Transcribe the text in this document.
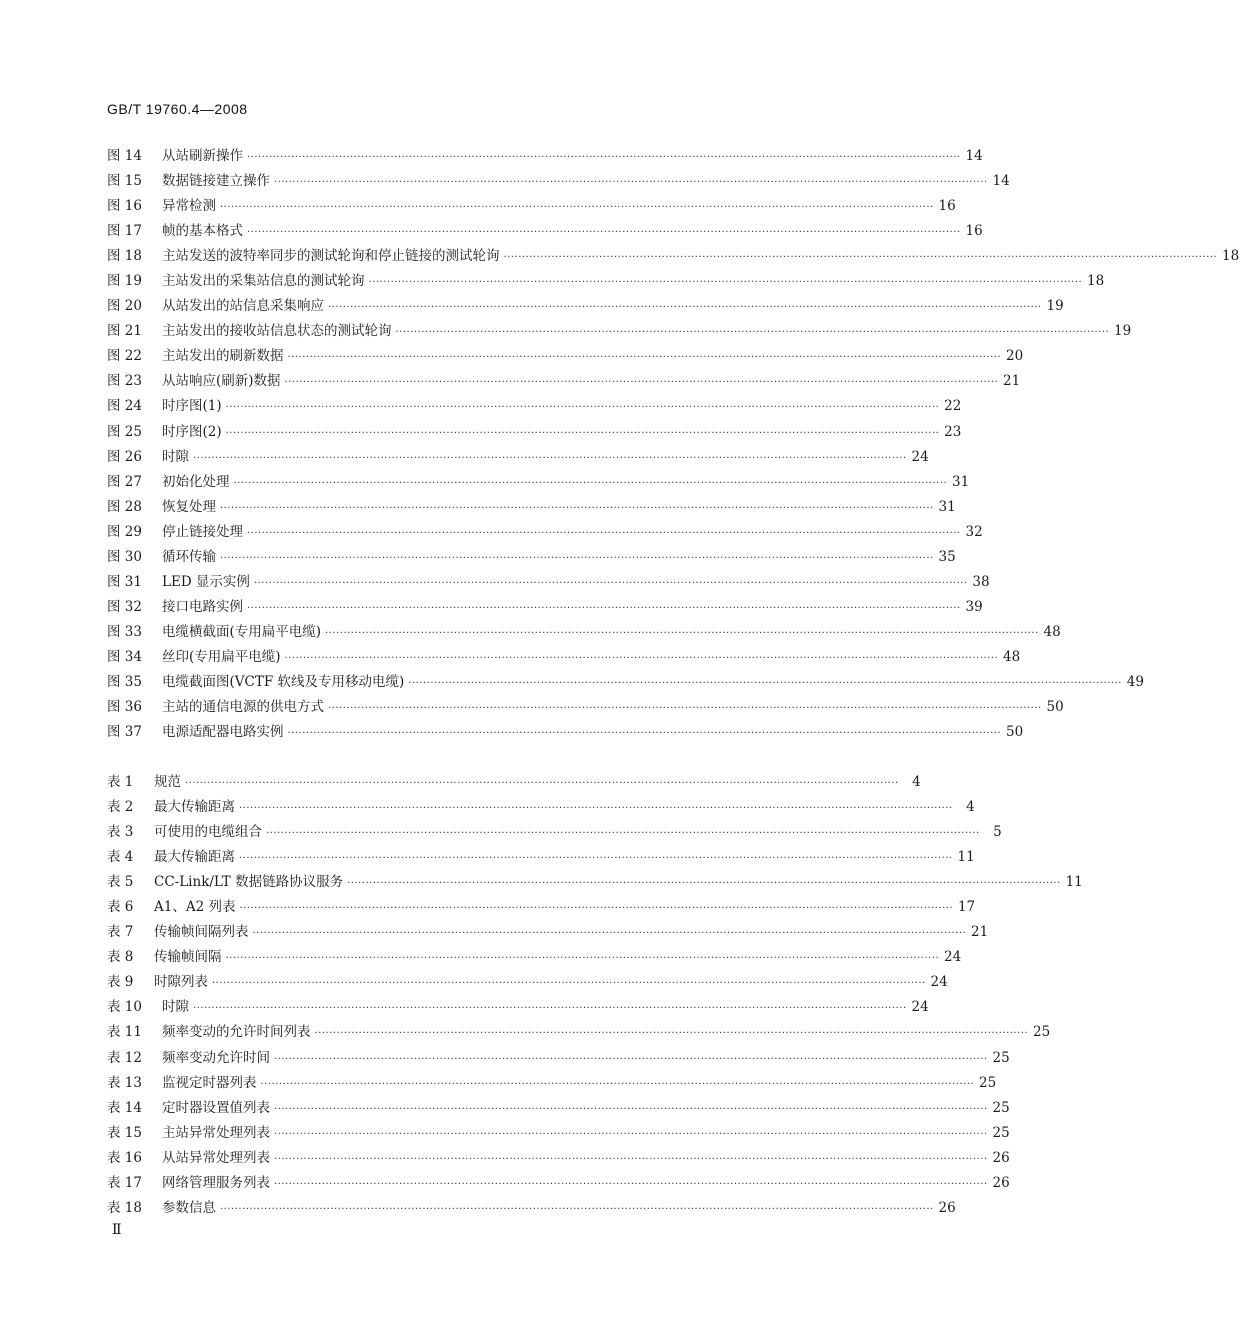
GB/T 19760.4—2008
图 14	从站刷新操作 ·····	14
图 15	数据链接建立操作 ·····	14
图 16	异常检测 ·····	16
图 17	帧的基本格式 ·····	16
图 18	主站发送的波特率同步的测试轮询和停止链接的测试轮询 ·····	18
图 19	主站发出的采集站信息的测试轮询 ·····	18
图 20	从站发出的站信息采集响应 ·····	19
图 21	主站发出的接收站信息状态的测试轮询 ·····	19
图 22	主站发出的刷新数据 ·····	20
图 23	从站响应(刷新)数据 ·····	21
图 24	时序图(1) ·····	22
图 25	时序图(2) ·····	23
图 26	时隙 ·····	24
图 27	初始化处理 ·····	31
图 28	恢复处理 ·····	31
图 29	停止链接处理 ·····	32
图 30	循环传输 ·····	35
图 31	LED 显示实例 ·····	38
图 32	接口电路实例 ·····	39
图 33	电缆横截面(专用扁平电缆) ·····	48
图 34	丝印(专用扁平电缆) ·····	48
图 35	电缆截面图(VCTF 软线及专用移动电缆) ·····	49
图 36	主站的通信电源的供电方式 ·····	50
图 37	电源适配器电路实例 ·····	50
表 1	规范 ·····	4
表 2	最大传输距离 ·····	4
表 3	可使用的电缆组合 ·····	5
表 4	最大传输距离 ·····	11
表 5	CC-Link/LT 数据链路协议服务 ·····	11
表 6	A1、A2 列表 ·····	17
表 7	传输帧间隔列表 ·····	21
表 8	传输帧间隔 ·····	24
表 9	时隙列表 ·····	24
表 10	时隙 ·····	24
表 11	频率变动的允许时间列表 ·····	25
表 12	频率变动允许时间 ·····	25
表 13	监视定时器列表 ·····	25
表 14	定时器设置值列表 ·····	25
表 15	主站异常处理列表 ·····	25
表 16	从站异常处理列表 ·····	26
表 17	网络管理服务列表 ·····	26
表 18	参数信息 ·····	26
Ⅱ
